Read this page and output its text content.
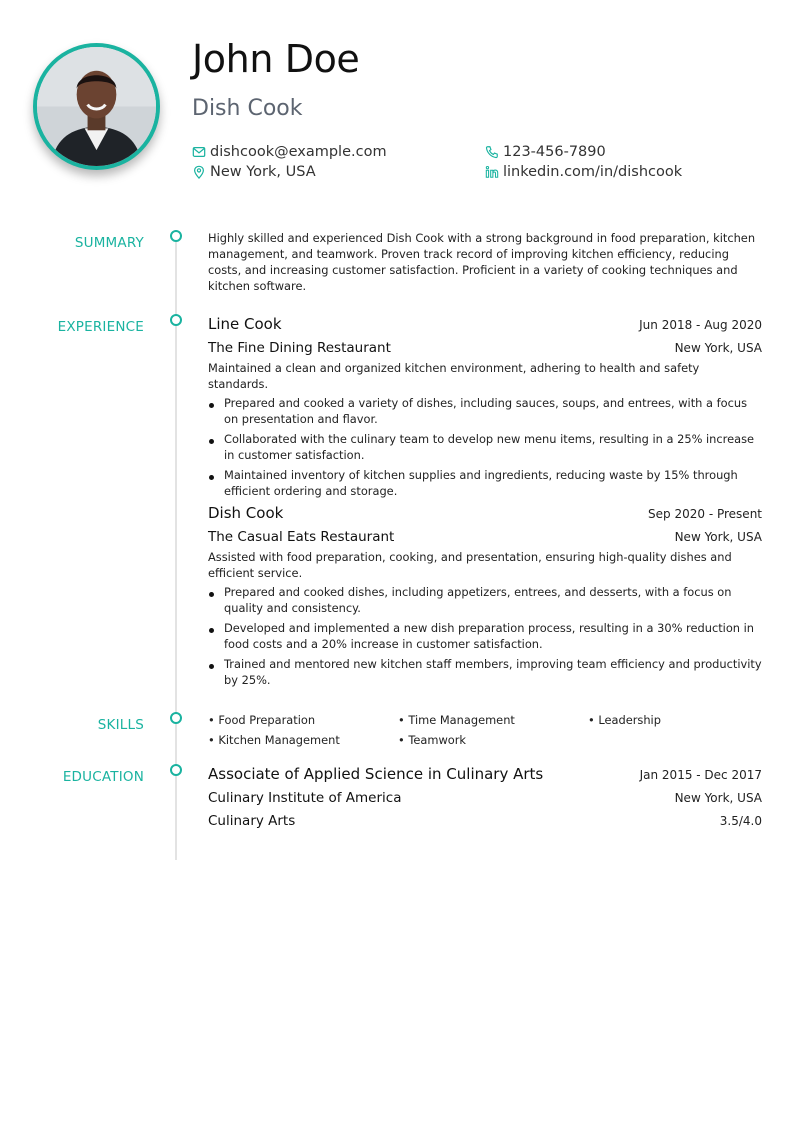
John Doe
Dish Cook
dishcook@example.com
New York, USA
123-456-7890
linkedin.com/in/dishcook
SUMMARY	Highly skilled and experienced Dish Cook with a strong background in food preparation, kitchen management, and teamwork. Proven track record of improving kitchen efficiency, reducing costs, and increasing customer satisfaction. Proficient in a variety of cooking techniques and kitchen software.

EXPERIENCE	Line Cook	Jun 2018 - Aug 2020
The Fine Dining Restaurant	New York, USA

Maintained a clean and organized kitchen environment, adhering to health and safety standards.

Prepared and cooked a variety of dishes, including sauces, soups, and entrees, with a focus on presentation and flavor.
Collaborated with the culinary team to develop new menu items, resulting in a 25% increase in customer satisfaction.
Maintained inventory of kitchen supplies and ingredients, reducing waste by 15% through efficient ordering and storage.
Dish Cook	Sep 2020 - Present
The Casual Eats Restaurant	New York, USA

Assisted with food preparation, cooking, and presentation, ensuring high-quality dishes and efficient service.

Prepared and cooked dishes, including appetizers, entrees, and desserts, with a focus on quality and consistency.
Developed and implemented a new dish preparation process, resulting in a 30% reduction in food costs and a 20% increase in customer satisfaction.
Trained and mentored new kitchen staff members, improving team efficiency and productivity by 25%.
SKILLS	• Food Preparation	• Time Management	• Leadership
• Kitchen Management	• Teamwork
EDUCATION	Associate of Applied Science in Culinary Arts	Jan 2015 - Dec 2017
Culinary Institute of America	New York, USA
Culinary Arts	3.5/4.0
